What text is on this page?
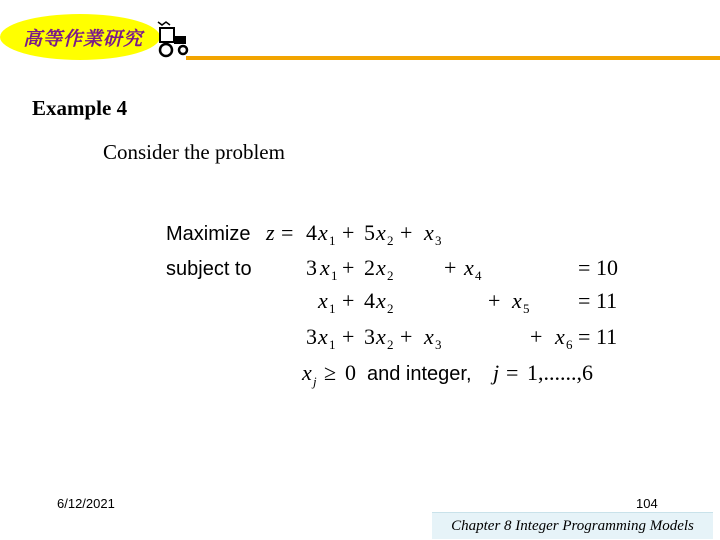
高等作業研究
Example 4
Consider the problem
Maximize z = 4 x 1 + 5 x 2 + x 3
subject to 3 x 1 + 2 x 2 + x 4	= 10
x 1 + 4 x 2	+ x 5 = 11
3 x 1 + 3 x 2 + x 3	+ x 6 = 11
x j ≥ 0 and integer, j = 1,......,6
6/12/2021	104
Chapter 8 Integer Programming Models
